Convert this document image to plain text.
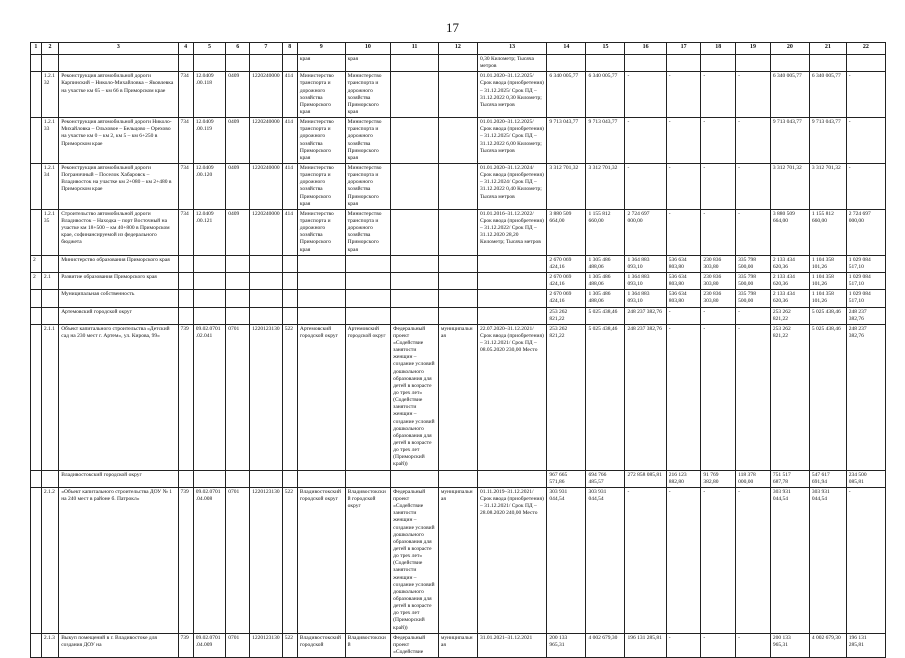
17
1	2	3	4	5	6	7	8	9	10	11	12	13	14	15	16	17	18	19	20	21	22
								края	края			0,30 Километр; Тысяча метров									
	1.2.132	Реконструкция автомобильной дороги Карпинский – Николо-Михайловка – Яковлевка на участке км 65 – км 66 в Приморском крае	734	12.0409 .00.118	0409	1220240000	414	Министерство транспорта и дорожного хозяйства Приморского края	Министерство транспорта и дорожного хозяйства Приморского края			01.01.2020–31.12.2025/ Срок ввода (приобретения) – 31.12.2025/ Срок ПД – 31.12.2022 0,30 Километр; Тысяча метров	6 340 005,77	6 340 005,77	-	-	-	-	6 340 005,77	6 340 005,77	-
	1.2.133	Реконструкция автомобильной дороги Николо-Михайловка – Ольховое – Бельцово – Орехово на участке км 0 – км 2, км 5 – км 6+250 в Приморском крае	734	12.0409 .00.119	0409	1220240000	414	Министерство транспорта и дорожного хозяйства Приморского края	Министерство транспорта и дорожного хозяйства Приморского края			01.01.2020–31.12.2025/ Срок ввода (приобретения) – 31.12.2025/ Срок ПД – 31.12.2022 6,00 Километр; Тысяча метров	9 713 043,77	9 713 043,77	-	-	-	-	9 713 043,77	9 713 043,77	-
	1.2.134	Реконструкция автомобильной дороги Пограничный – Поселок Хабаровск – Владивосток на участке км 2+080 – км 2+480 в Приморском крае	734	12.0409 .00.120	0409	1220240000	414	Министерство транспорта и дорожного хозяйства Приморского края	Министерство транспорта и дорожного хозяйства Приморского края			01.01.2020–31.12.2024/ Срок ввода (приобретения) – 31.12.2024/ Срок ПД – 31.12.2022 0,40 Километр; Тысяча метров	3 312 701,32	3 312 701,32	-	-	-	-	3 312 701,32	3 312 701,32	-
	1.2.135	Строительство автомобильной дороги Владивосток – Находка – порт Восточный на участке км 18+500 – км 40+800 в Приморском крае, софинансируемой из федерального бюджета	734	12.0409 .00.121	0409	1220240000	414	Министерство транспорта и дорожного хозяйства Приморского края	Министерство транспорта и дорожного хозяйства Приморского края			01.01.2016–31.12.2022/ Срок ввода (приобретения) – 31.12.2022/ Срок ПД – 31.12.2020 28,20 Километр; Тысяча метров	3 880 509 664,00	1 155 812 660,00	2 724 697 000,00	-	-	-	3 880 509 664,00	1 155 812 660,00	2 724 697 000,00
2		Министерство образования Приморского края											2 670 069 424,16	1 305 486 488,06	1 364 883 093,10	536 634 803,80	230 836 303,80	335 798 500,00	2 133 434 620,36	1 104 358 101,26	1 029 084 517,10
2	2.1	Развитие образования Приморского края											2 670 069 424,16	1 305 486 488,06	1 364 883 093,10	536 634 803,80	230 836 303,80	335 798 500,00	2 133 434 620,36	1 104 358 101,26	1 029 084 517,10
		Муниципальная собственность											2 670 069 424,16	1 305 486 488,06	1 364 883 093,10	536 634 803,80	230 836 303,80	335 798 500,00	2 133 434 620,36	1 104 358 101,26	1 029 084 517,10
		Артемовский городской округ											253 262 821,22	5 025 438,46	248 237 382,76	-	-	-	253 262 821,22	5 025 438,46	248 237 382,76
	2.1.1	Объект капитального строительства «Детский сад на 230 мест г. Артем», ул. Кирова, 99»	739	09.02.0701 .02.041	0701	1220123130	522	Артемовский городской округ	Артемовский городской округ	Федеральный проект «Содействие занятости женщин – создание условий дошкольного образования для детей в возрасте до трех лет» (Содействие занятости женщин – создание условий дошкольного образования для детей в возрасте до трех лет (Приморский край))	муниципальная	22.07.2020–31.12.2021/ Срок ввода (приобретения) – 31.12.2021/ Срок ПД – 08.05.2020 230,00 Место	253 262 821,22	5 025 438,46	248 237 382,76	-	-	-	253 262 821,22	5 025 438,46	248 237 382,76
		Владивостокский городской округ											967 665 571,86	694 766 485,57	272 858 085,81	216 123 882,80	91 769 382,80	118 378 000,00	751 517 687,78	547 617 691,94	234 500 085,81
	2.1.2	«Объект капитального строительства ДОУ № 1 на 240 мест в районе б. Патрокл»	739	09.02.0701 .04.008	0701	1220123130	522	Владивостокский городской округ	Владивостокский городской округ	Федеральный проект «Содействие занятости женщин – создание условий дошкольного образования для детей в возрасте до трех лет» (Содействие занятости женщин – создание условий дошкольного образования для детей в возрасте до трех лет (Приморский край))	муниципальная	01.11.2019–31.12.2021/ Срок ввода (приобретения) – 31.12.2021/ Срок ПД – 28.08.2020 240,00 Место	303 931 044,54	303 931 044,54	-	-	-	-	303 931 044,54	303 931 044,54	-
	2.1.3	Выкуп помещений в г. Владивостоке для создания ДОУ на	739	09.02.0701 .04.009	0701	1220123130	522	Владивостокский городской	Владивостокский	Федеральный проект «Содействие	муниципальная	31.01.2021–31.12.2021	200 133 965,31	4 002 679,30	196 131 285,81	-	-	-	200 133 965,31	4 002 679,30	196 131 285,81
